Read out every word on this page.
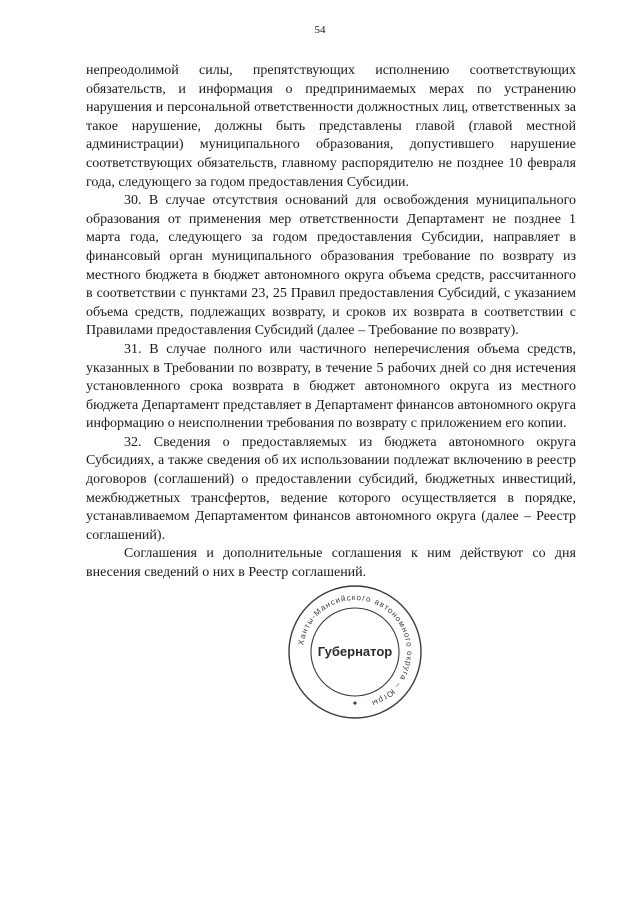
54

непреодолимой силы, препятствующих исполнению соответствующих обязательств, и информация о предпринимаемых мерах по устранению нарушения и персональной ответственности должностных лиц, ответственных за такое нарушение, должны быть представлены главой (главой местной администрации) муниципального образования, допустившего нарушение соответствующих обязательств, главному распорядителю не позднее 10 февраля года, следующего за годом предоставления Субсидии.

30. В случае отсутствия оснований для освобождения муниципального образования от применения мер ответственности Департамент не позднее 1 марта года, следующего за годом предоставления Субсидии, направляет в финансовый орган муниципального образования требование по возврату из местного бюджета в бюджет автономного округа объема средств, рассчитанного в соответствии с пунктами 23, 25 Правил предоставления Субсидий, с указанием объема средств, подлежащих возврату, и сроков их возврата в соответствии с Правилами предоставления Субсидий (далее – Требование по возврату).

31. В случае полного или частичного неперечисления объема средств, указанных в Требовании по возврату, в течение 5 рабочих дней со дня истечения установленного срока возврата в бюджет автономного округа из местного бюджета Департамент представляет в Департамент финансов автономного округа информацию о неисполнении требования по возврату с приложением его копии.

32. Сведения о предоставляемых из бюджета автономного округа Субсидиях, а также сведения об их использовании подлежат включению в реестр договоров (соглашений) о предоставлении субсидий, бюджетных инвестиций, межбюджетных трансфертов, ведение которого осуществляется в порядке, устанавливаемом Департаментом финансов автономного округа (далее – Реестр соглашений).

Соглашения и дополнительные соглашения к ним действуют со дня внесения сведений о них в Реестр соглашений.

Ханты-Мансийского автономного округа – Югры
Губернатор
✦
